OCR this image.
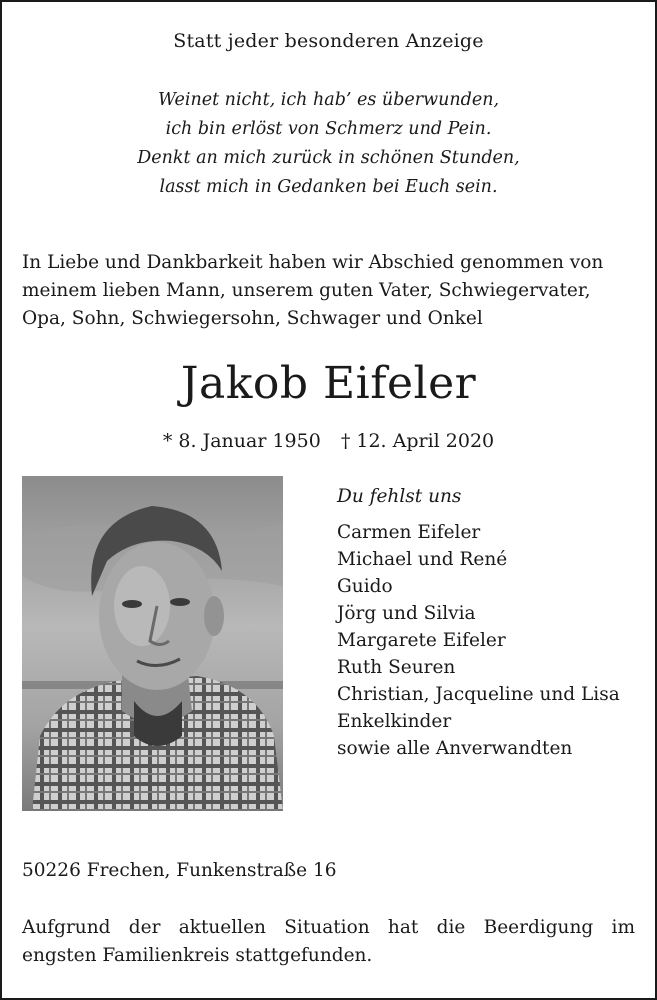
Statt jeder besonderen Anzeige
Weinet nicht, ich hab’ es überwunden,
ich bin erlöst von Schmerz und Pein.
Denkt an mich zurück in schönen Stunden,
lasst mich in Gedanken bei Euch sein.
In Liebe und Dankbarkeit haben wir Abschied genommen von
meinem lieben Mann, unserem guten Vater, Schwiegervater,
Opa, Sohn, Schwiegersohn, Schwager und Onkel
Jakob Eifeler
* 8. Januar 1950 † 12. April 2020
Du fehlst uns
Carmen Eifeler
Michael und René
Guido
Jörg und Silvia
Margarete Eifeler
Ruth Seuren
Christian, Jacqueline und Lisa
Enkelkinder
sowie alle Anverwandten
50226 Frechen, Funkenstraße 16
Aufgrund der aktuellen Situation hat die Beerdigung im
engsten Familienkreis stattgefunden.
